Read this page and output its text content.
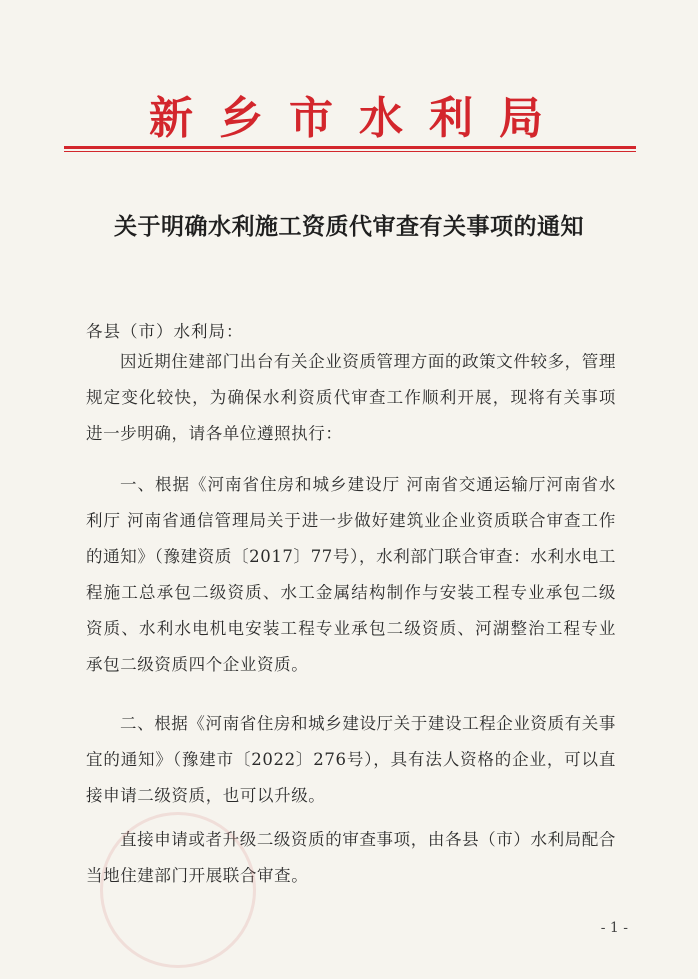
新乡市水利局
关于明确水利施工资质代审查有关事项的通知
各县（市）水利局：

因近期住建部门出台有关企业资质管理方面的政策文件较多，管理规定变化较快，为确保水利资质代审查工作顺利开展，现将有关事项进一步明确，请各单位遵照执行：

一、根据《河南省住房和城乡建设厅 河南省交通运输厅河南省水利厅 河南省通信管理局关于进一步做好建筑业企业资质联合审查工作的通知》（豫建资质〔2017〕77号），水利部门联合审查：水利水电工程施工总承包二级资质、水工金属结构制作与安装工程专业承包二级资质、水利水电机电安装工程专业承包二级资质、河湖整治工程专业承包二级资质四个企业资质。

二、根据《河南省住房和城乡建设厅关于建设工程企业资质有关事宜的通知》（豫建市〔2022〕276号），具有法人资格的企业，可以直接申请二级资质，也可以升级。

直接申请或者升级二级资质的审查事项，由各县（市）水利局配合当地住建部门开展联合审查。

- 1 -
